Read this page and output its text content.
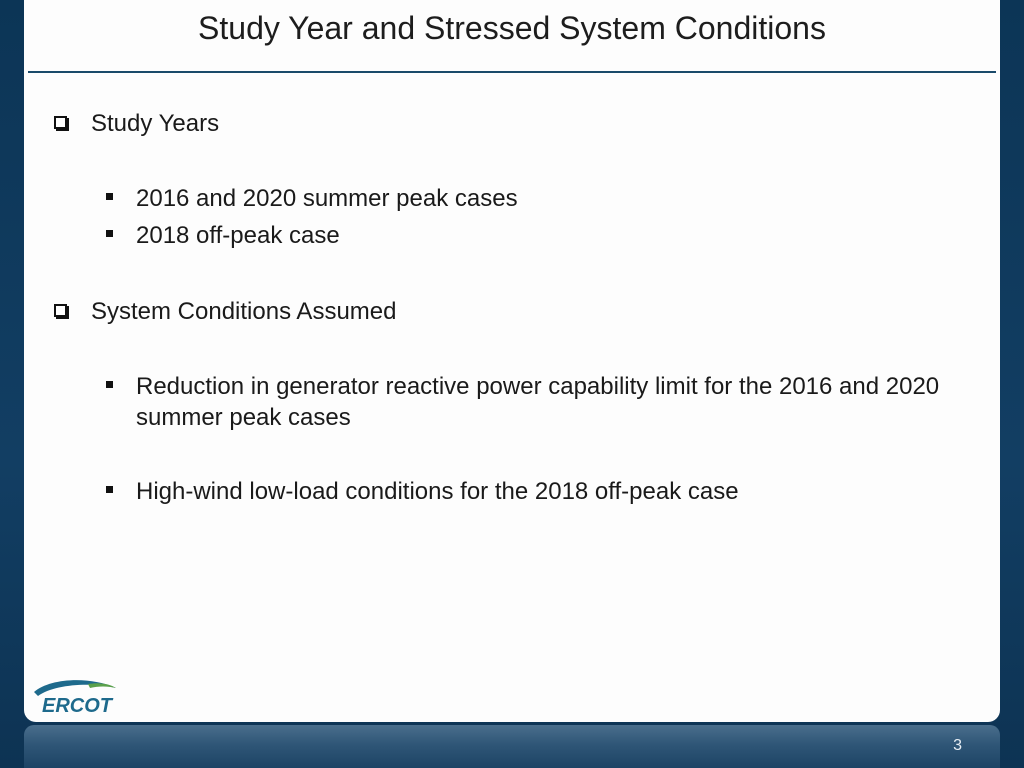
Study Year and Stressed System Conditions
Study Years
2016 and 2020 summer peak cases
2018 off-peak case
System Conditions Assumed
Reduction in generator reactive power capability limit for the 2016 and 2020 summer peak cases
High-wind low-load conditions for the 2018 off-peak case
ERCOT
3
